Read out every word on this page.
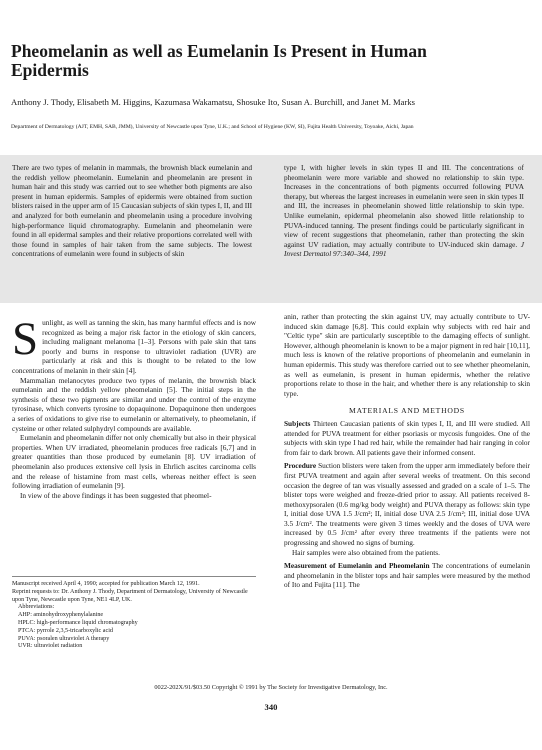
Pheomelanin as well as Eumelanin Is Present in Human Epidermis
Anthony J. Thody, Elisabeth M. Higgins, Kazumasa Wakamatsu, Shosuke Ito, Susan A. Burchill, and Janet M. Marks
Department of Dermatology (AJT, EMH, SAB, JMM), University of Newcastle upon Tyne, U.K.; and School of Hygiene (KW, SI), Fujita Health University, Toyoake, Aichi, Japan
There are two types of melanin in mammals, the brownish black eumelanin and the reddish yellow pheomelanin. Eumelanin and pheomelanin are present in human hair and this study was carried out to see whether both pigments are also present in human epidermis. Samples of epidermis were obtained from suction blisters raised in the upper arm of 15 Caucasian subjects of skin types I, II, and III and analyzed for both eumelanin and pheomelanin using a procedure involving high-performance liquid chromatography. Eumelanin and pheomelanin were found in all epidermal samples and their relative proportions correlated well with those found in samples of hair taken from the same subjects. The lowest concentrations of eumelanin were found in subjects of skin
type I, with higher levels in skin types II and III. The concentrations of pheomelanin were more variable and showed no relationship to skin type. Increases in the concentrations of both pigments occurred following PUVA therapy, but whereas the largest increases in eumelanin were seen in skin types II and III, the increases in pheomelanin showed little relationship to skin type. Unlike eumelanin, epidermal pheomelanin also showed little relationship to PUVA-induced tanning. The present findings could be particularly significant in view of recent suggestions that pheomelanin, rather than protecting the skin against UV radiation, may actually contribute to UV-induced skin damage. J Invest Dermatol 97:340–344, 1991

Sunlight, as well as tanning the skin, has many harmful effects and is now recognized as being a major risk factor in the etiology of skin cancers, including malignant melanoma [1–3]. Persons with pale skin that tans poorly and burns in response to ultraviolet radiation (UVR) are particularly at risk and this is thought to be related to the low concentrations of melanin in their skin [4].

Mammalian melanocytes produce two types of melanin, the brownish black eumelanin and the reddish yellow pheomelanin [5]. The initial steps in the synthesis of these two pigments are similar and under the control of the enzyme tyrosinase, which converts tyrosine to dopaquinone. Dopaquinone then undergoes a series of oxidations to give rise to eumelanin or alternatively, to pheomelanin, if cysteine or other related sulphydryl compounds are available.

Eumelanin and pheomelanin differ not only chemically but also in their physical properties. When UV irradiated, pheomelanin produces free radicals [6,7] and in greater quantities than those produced by eumelanin [8]. UV irradiation of pheomelanin also produces extensive cell lysis in Ehrlich ascites carcinoma cells and the release of histamine from mast cells, whereas neither effect is seen following irradiation of eumelanin [9].

In view of the above findings it has been suggested that pheomel-

anin, rather than protecting the skin against UV, may actually contribute to UV-induced skin damage [6,8]. This could explain why subjects with red hair and "Celtic type" skin are particularly susceptible to the damaging effects of sunlight. However, although pheomelanin is known to be a major pigment in red hair [10,11], much less is known of the relative proportions of pheomelanin and eumelanin in human epidermis. This study was therefore carried out to see whether pheomelanin, as well as eumelanin, is present in human epidermis, whether the relative proportions relate to those in the hair, and whether there is any relationship to skin type.

MATERIALS AND METHODS

Subjects Thirteen Caucasian patients of skin types I, II, and III were studied. All attended for PUVA treatment for either psoriasis or mycosis fungoides. One of the subjects with skin type I had red hair, while the remainder had hair ranging in color from fair to dark brown. All patients gave their informed consent.

Procedure Suction blisters were taken from the upper arm immediately before their first PUVA treatment and again after several weeks of treatment. On this second occasion the degree of tan was visually assessed and graded on a scale of 1–5. The blister tops were weighed and freeze-dried prior to assay. All patients received 8-methoxypsoralen (0.6 mg/kg body weight) and PUVA therapy as follows: skin type I, initial dose UVA 1.5 J/cm²; II, initial dose UVA 2.5 J/cm²; III, initial dose UVA 3.5 J/cm². The treatments were given 3 times weekly and the doses of UVA were increased by 0.5 J/cm² after every three treatments if the patients were not progressing and showed no signs of burning.

Hair samples were also obtained from the patients.

Measurement of Eumelanin and Pheomelanin The concentrations of eumelanin and pheomelanin in the blister tops and hair samples were measured by the method of Ito and Fujita [11]. The

Manuscript received April 4, 1990; accepted for publication March 12, 1991.
Reprint requests to: Dr. Anthony J. Thody, Department of Dermatology, University of Newcastle upon Tyne, Newcastle upon Tyne, NE1 4LP, UK.
Abbreviations:
AHP: aminohydroxyphenylalanine
HPLC: high-performance liquid chromatography
PTCA: pyrrole 2,3,5-tricarboxylic acid
PUVA: psoralen ultraviolet A therapy
UVR: ultraviolet radiation
0022-202X/91/$03.50 Copyright © 1991 by The Society for Investigative Dermatology, Inc.
340
